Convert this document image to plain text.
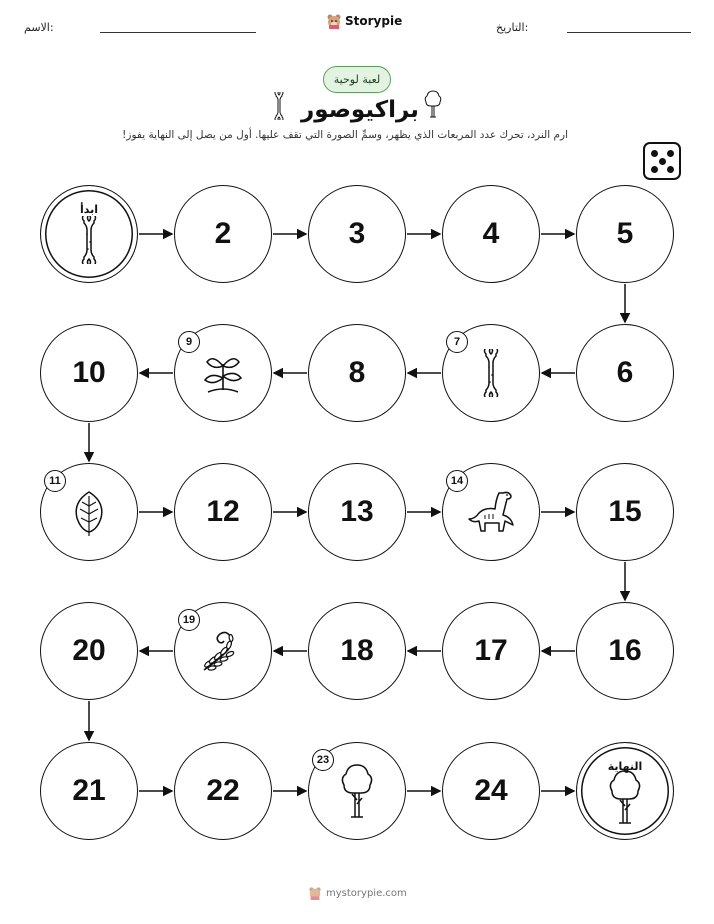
الاسم:	Storypie	التاريخ:
لعبة لوحية
براكيوصور
ارم النرد، تحرك عدد المربعات الذي يظهر، وسمِّ الصورة التي تقف عليها. أول من يصل إلى النهاية يفوز!
ابدأ
2	3	4	5
6
7
8
9
10
11
12	13
14
15
16
17
18
19
20
21	22
23
24
النهاية
mystorypie.com
